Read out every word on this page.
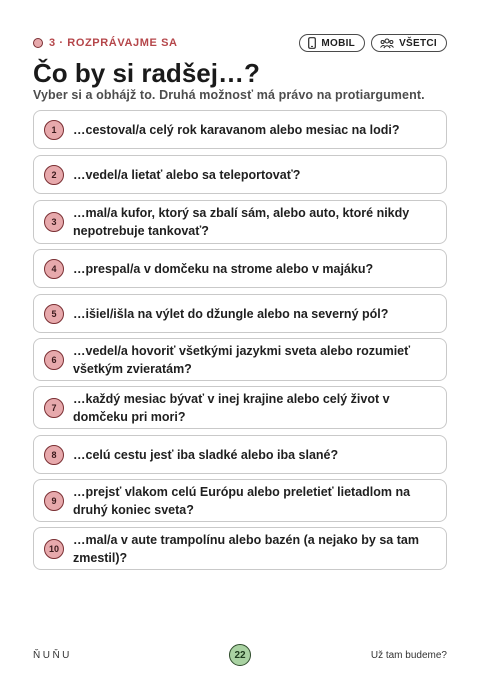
3 · ROZPRÁVAJME SA	MOBIL	VŠETCI
Čo by si radšej…?
Vyber si a obhájž to. Druhá možnosť má právo na protiargument.
1	…cestoval/a celý rok karavanom alebo mesiac na lodi?
2	…vedel/a lietať alebo sa teleportovať?
3
…mal/a kufor, ktorý sa zbalí sám, alebo auto, ktoré nikdy nepotrebuje tankovať?
4	…prespal/a v domčeku na strome alebo v majáku?
5	…išiel/išla na výlet do džungle alebo na severný pól?
6
…vedel/a hovoriť všetkými jazykmi sveta alebo rozumieť všetkým zvieratám?
7
…každý mesiac bývať v inej krajine alebo celý život v domčeku pri mori?
8	…celú cestu jesť iba sladké alebo iba slané?
9
…prejsť vlakom celú Európu alebo preletieť lietadlom na druhý koniec sveta?
10
…mal/a v aute trampolínu alebo bazén (a nejako by sa tam zmestil)?
ŇUŇU	22	Už tam budeme?
